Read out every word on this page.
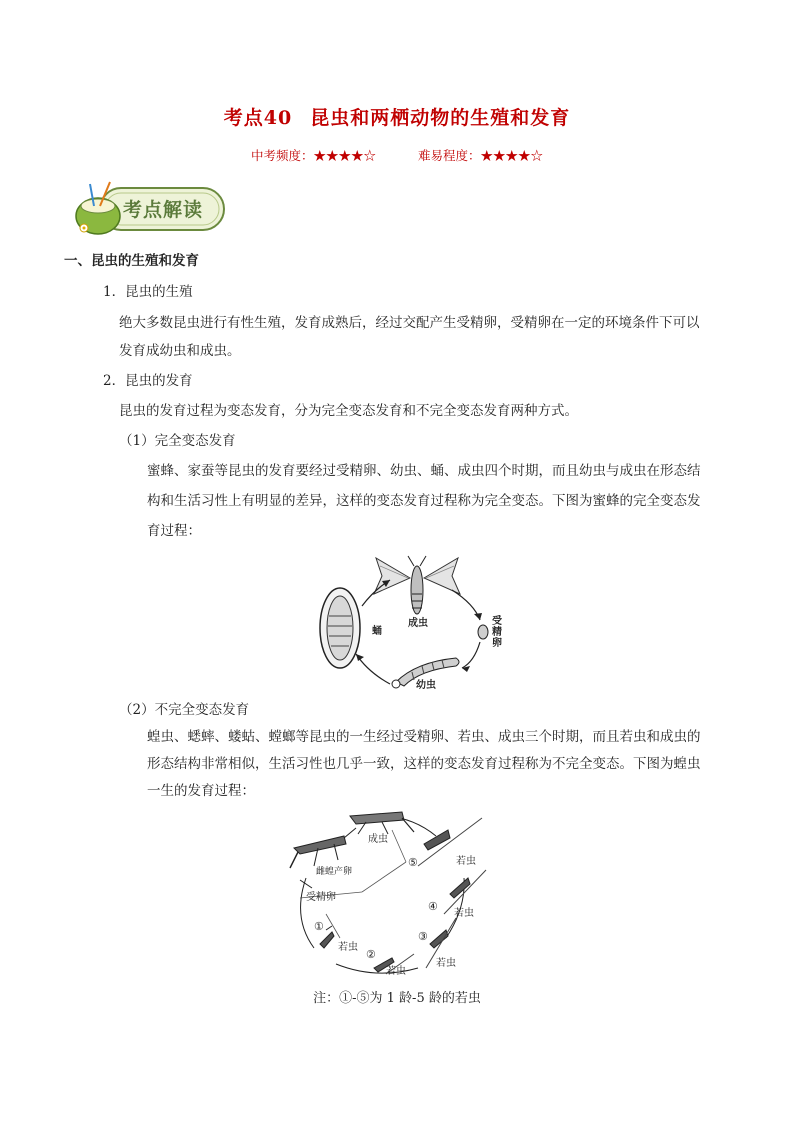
考点40 昆虫和两栖动物的生殖和发育
中考频度：★★★★☆	难易程度：★★★★☆
考点解读
一、昆虫的生殖和发育
1．昆虫的生殖
绝大多数昆虫进行有性生殖，发育成熟后，经过交配产生受精卵，受精卵在一定的环境条件下可以
发育成幼虫和成虫。
2．昆虫的发育
昆虫的发育过程为变态发育，分为完全变态发育和不完全变态发育两种方式。
（1）完全变态发育
蜜蜂、家蚕等昆虫的发育要经过受精卵、幼虫、蛹、成虫四个时期，而且幼虫与成虫在形态结
构和生活习性上有明显的差异，这样的变态发育过程称为完全变态。下图为蜜蜂的完全变态发
育过程：
成虫
蛹
受
精
卵
幼虫
（2）不完全变态发育
蝗虫、蟋蟀、蝼蛄、螳螂等昆虫的一生经过受精卵、若虫、成虫三个时期，而且若虫和成虫的
形态结构非常相似，生活习性也几乎一致，这样的变态发育过程称为不完全变态。下图为蝗虫
一生的发育过程：
成虫
雌蝗产卵
受精卵
若虫
若虫
若虫
若虫
若虫
①
②
③
④
⑤
注：①-⑤为 1 龄-5 龄的若虫
